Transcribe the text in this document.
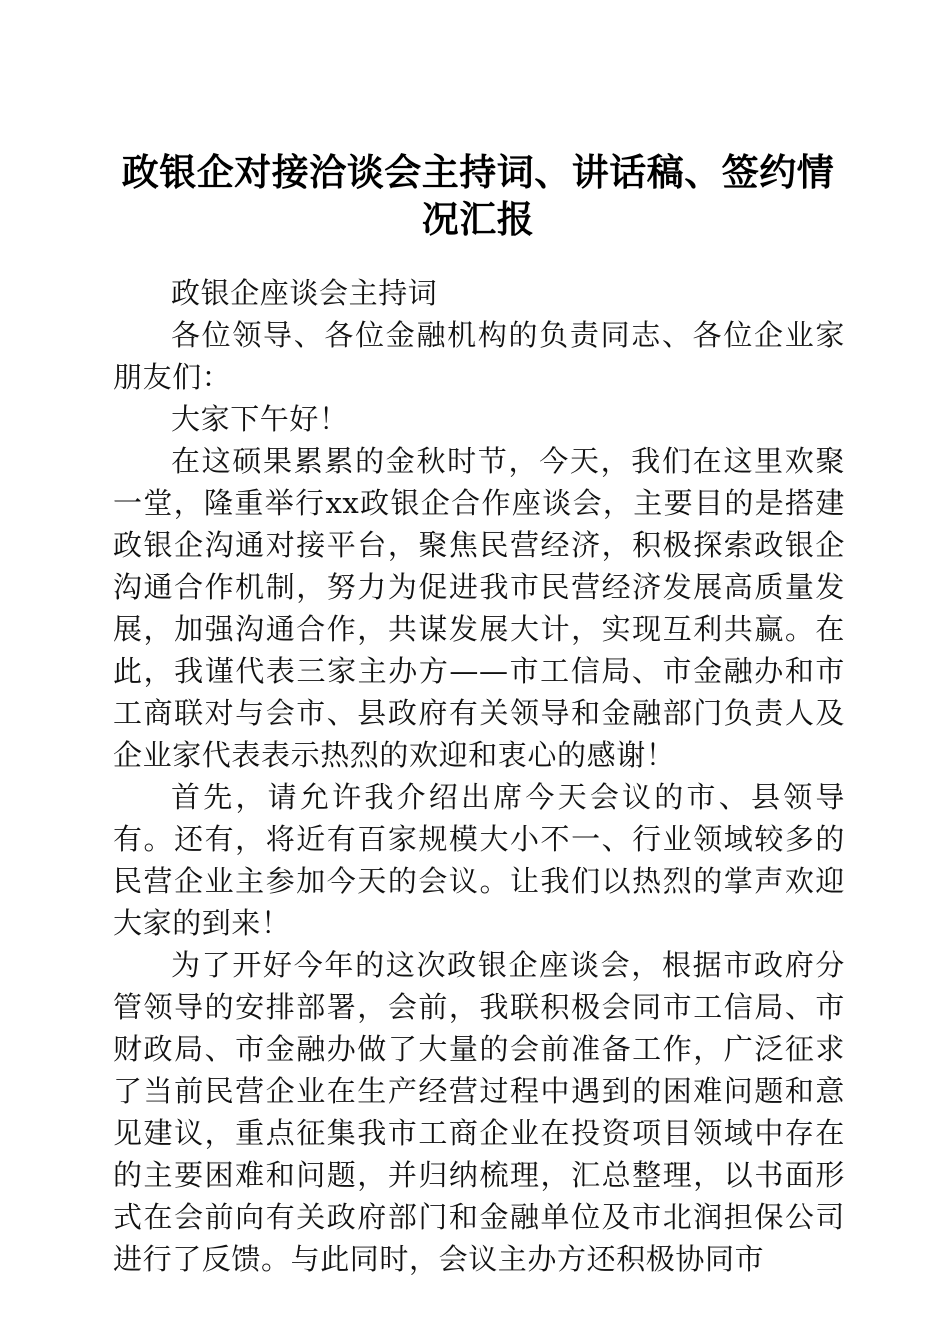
政银企对接洽谈会主持词、讲话稿、签约情况汇报

政银企座谈会主持词

各位领导、各位金融机构的负责同志、各位企业家朋友们：

大家下午好！

在这硕果累累的金秋时节，今天，我们在这里欢聚一堂，隆重举行xx政银企合作座谈会，主要目的是搭建政银企沟通对接平台，聚焦民营经济，积极探索政银企沟通合作机制，努力为促进我市民营经济发展高质量发展，加强沟通合作，共谋发展大计，实现互利共赢。在此，我谨代表三家主办方——市工信局、市金融办和市工商联对与会市、县政府有关领导和金融部门负责人及企业家代表表示热烈的欢迎和衷心的感谢！

首先，请允许我介绍出席今天会议的市、县领导有。还有，将近有百家规模大小不一、行业领域较多的民营企业主参加今天的会议。让我们以热烈的掌声欢迎大家的到来！

为了开好今年的这次政银企座谈会，根据市政府分管领导的安排部署，会前，我联积极会同市工信局、市财政局、市金融办做了大量的会前准备工作，广泛征求了当前民营企业在生产经营过程中遇到的困难问题和意见建议，重点征集我市工商企业在投资项目领域中存在的主要困难和问题，并归纳梳理，汇总整理，以书面形式在会前向有关政府部门和金融单位及市北润担保公司进行了反馈。与此同时，会议主办方还积极协同市
